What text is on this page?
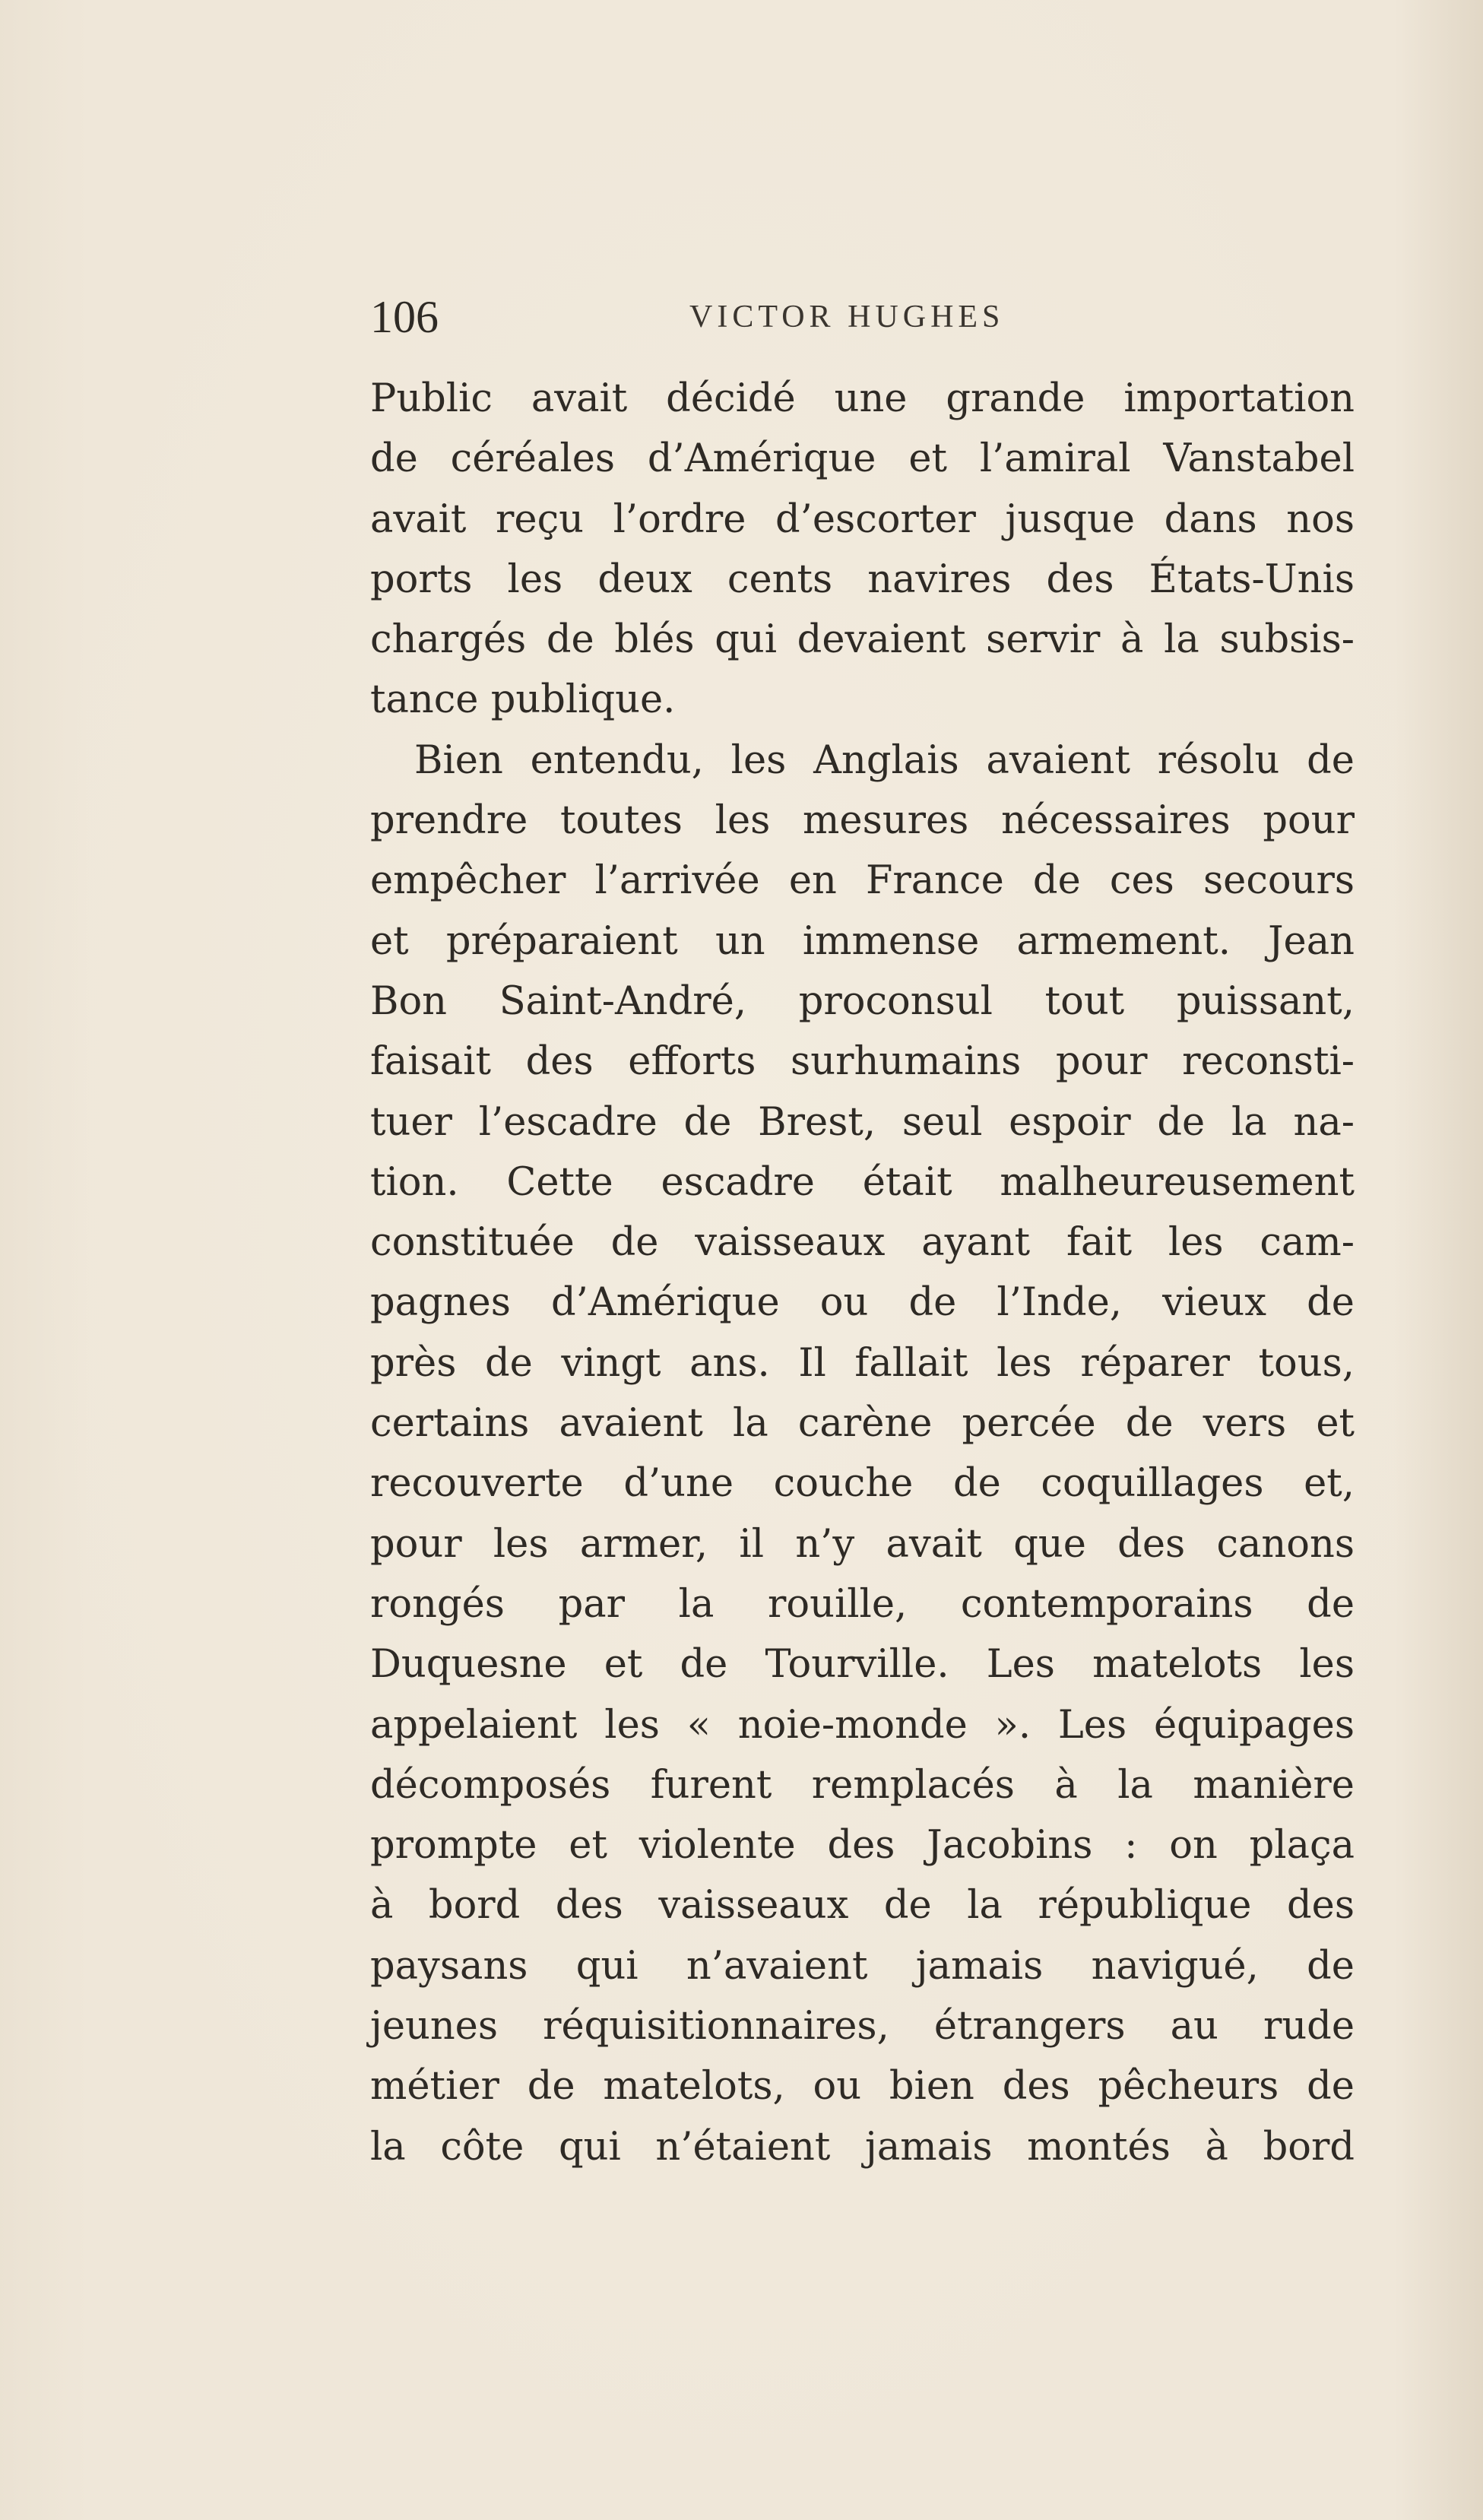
106	VICTOR HUGHES
Public avait décidé une grande importation
de céréales d’Amérique et l’amiral Vanstabel
avait reçu l’ordre d’escorter jusque dans nos
ports les deux cents navires des États-Unis
chargés de blés qui devaient servir à la subsis-
tance publique.
Bien entendu, les Anglais avaient résolu de
prendre toutes les mesures nécessaires pour
empêcher l’arrivée en France de ces secours
et préparaient un immense armement. Jean
Bon Saint-André, proconsul tout puissant,
faisait des efforts surhumains pour reconsti-
tuer l’escadre de Brest, seul espoir de la na-
tion. Cette escadre était malheureusement
constituée de vaisseaux ayant fait les cam-
pagnes d’Amérique ou de l’Inde, vieux de
près de vingt ans. Il fallait les réparer tous,
certains avaient la carène percée de vers et
recouverte d’une couche de coquillages et,
pour les armer, il n’y avait que des canons
rongés par la rouille, contemporains de
Duquesne et de Tourville. Les matelots les
appelaient les « noie-monde ». Les équipages
décomposés furent remplacés à la manière
prompte et violente des Jacobins : on plaça
à bord des vaisseaux de la république des
paysans qui n’avaient jamais navigué, de
jeunes réquisitionnaires, étrangers au rude
métier de matelots, ou bien des pêcheurs de
la côte qui n’étaient jamais montés à bord
